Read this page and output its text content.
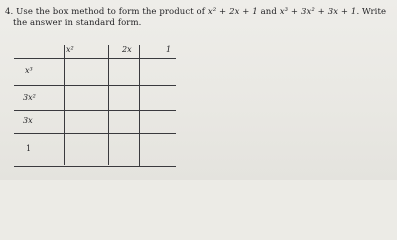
4. Use the box method to form the product of x² + 2x + 1 and x³ + 3x² + 3x + 1. Write
the answer in standard form.
x²	2x	1
x³
3x²
3x
1
